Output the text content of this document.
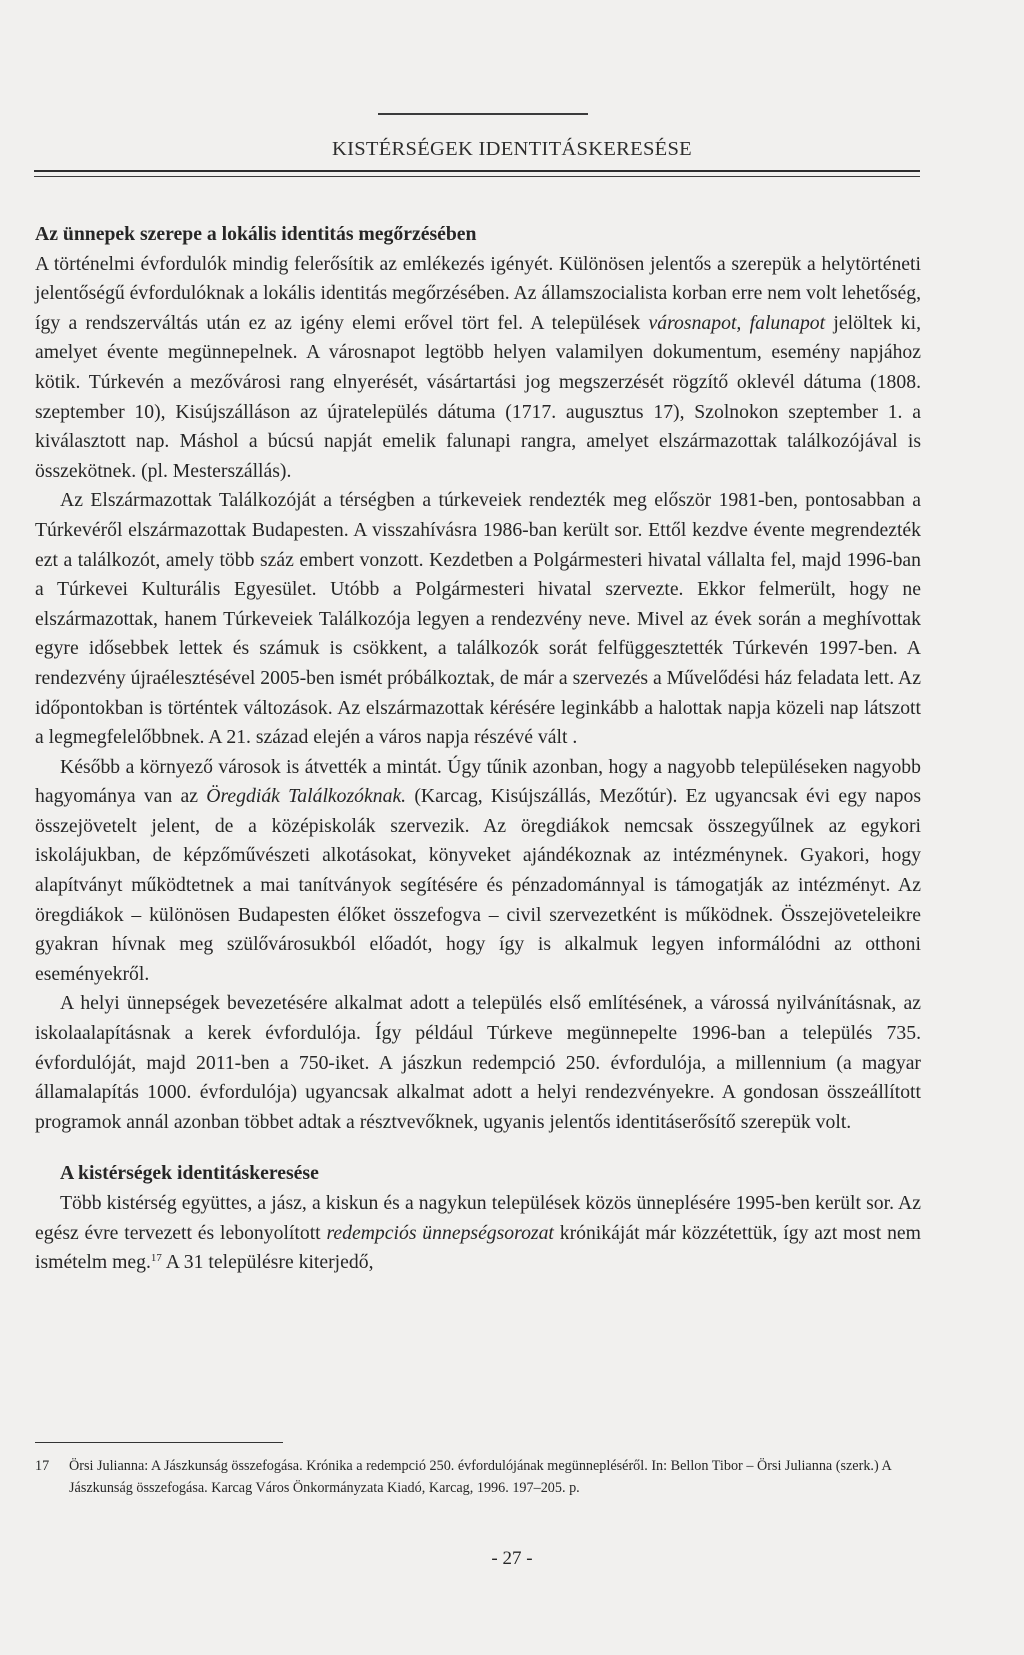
KISTÉRSÉGEK IDENTITÁSKERESÉSE

Az ünnepek szerepe a lokális identitás megőrzésében

A történelmi évfordulók mindig felerősítik az emlékezés igényét. Különösen jelentős a szerepük a helytörténeti jelentőségű évfordulóknak a lokális identitás megőrzésében. Az államszocialista korban erre nem volt lehetőség, így a rendszerváltás után ez az igény elemi erővel tört fel. A települések városnapot, falunapot jelöltek ki, amelyet évente megünnepelnek. A városnapot legtöbb helyen valamilyen dokumentum, esemény napjához kötik. Túrkevén a mezővárosi rang elnyerését, vásártartási jog megszerzését rögzítő oklevél dátuma (1808. szeptember 10), Kisújszálláson az újratelepülés dátuma (1717. augusztus 17), Szolnokon szeptember 1. a kiválasztott nap. Máshol a búcsú napját emelik falunapi rangra, amelyet elszármazottak találkozójával is összekötnek. (pl. Mesterszállás).

Az Elszármazottak Találkozóját a térségben a túrkeveiek rendezték meg először 1981-ben, pontosabban a Túrkevéről elszármazottak Budapesten. A visszahívásra 1986-ban került sor. Ettől kezdve évente megrendezték ezt a találkozót, amely több száz embert vonzott. Kezdetben a Polgármesteri hivatal vállalta fel, majd 1996-ban a Túrkevei Kulturális Egyesület. Utóbb a Polgármesteri hivatal szervezte. Ekkor felmerült, hogy ne elszármazottak, hanem Túrkeveiek Találkozója legyen a rendezvény neve. Mivel az évek során a meghívottak egyre idősebbek lettek és számuk is csökkent, a találkozók sorát felfüggesztették Túrkevén 1997-ben. A rendezvény újraélesztésével 2005-ben ismét próbálkoztak, de már a szervezés a Művelődési ház feladata lett. Az időpontokban is történtek változások. Az elszármazottak kérésére leginkább a halottak napja közeli nap látszott a legmegfelelőbbnek. A 21. század elején a város napja részévé vált .

Később a környező városok is átvették a mintát. Úgy tűnik azonban, hogy a nagyobb településeken nagyobb hagyománya van az Öregdiák Találkozóknak. (Karcag, Kisújszállás, Mezőtúr). Ez ugyancsak évi egy napos összejövetelt jelent, de a középiskolák szervezik. Az öregdiákok nemcsak összegyűlnek az egykori iskolájukban, de képzőművészeti alkotásokat, könyveket ajándékoznak az intézménynek. Gyakori, hogy alapítványt működtetnek a mai tanítványok segítésére és pénzadománnyal is támogatják az intézményt. Az öregdiákok – különösen Budapesten élőket összefogva – civil szervezetként is működnek. Összejöveteleikre gyakran hívnak meg szülővárosukból előadót, hogy így is alkalmuk legyen informálódni az otthoni eseményekről.

A helyi ünnepségek bevezetésére alkalmat adott a település első említésének, a várossá nyilvánításnak, az iskolaalapításnak a kerek évfordulója. Így például Túrkeve megünnepelte 1996-ban a település 735. évfordulóját, majd 2011-ben a 750-iket. A jászkun redempció 250. évfordulója, a millennium (a magyar államalapítás 1000. évfordulója) ugyancsak alkalmat adott a helyi rendezvényekre. A gondosan összeállított programok annál azonban többet adtak a résztvevőknek, ugyanis jelentős identitáserősítő szerepük volt.

A kistérségek identitáskeresése

Több kistérség együttes, a jász, a kiskun és a nagykun települések közös ünneplésére 1995-ben került sor. Az egész évre tervezett és lebonyolított redempciós ünnepségsorozat krónikáját már közzétettük, így azt most nem ismételm meg.$^{17}$ A 31 településre kiterjedő,

17 Örsi Julianna: A Jászkunság összefogása. Krónika a redempció 250. évfordulójának megünnepléséről. In: Bellon Tibor – Örsi Julianna (szerk.) A Jászkunság összefogása. Karcag Város Önkormányzata Kiadó, Karcag, 1996. 197–205. p.
- 27 -
